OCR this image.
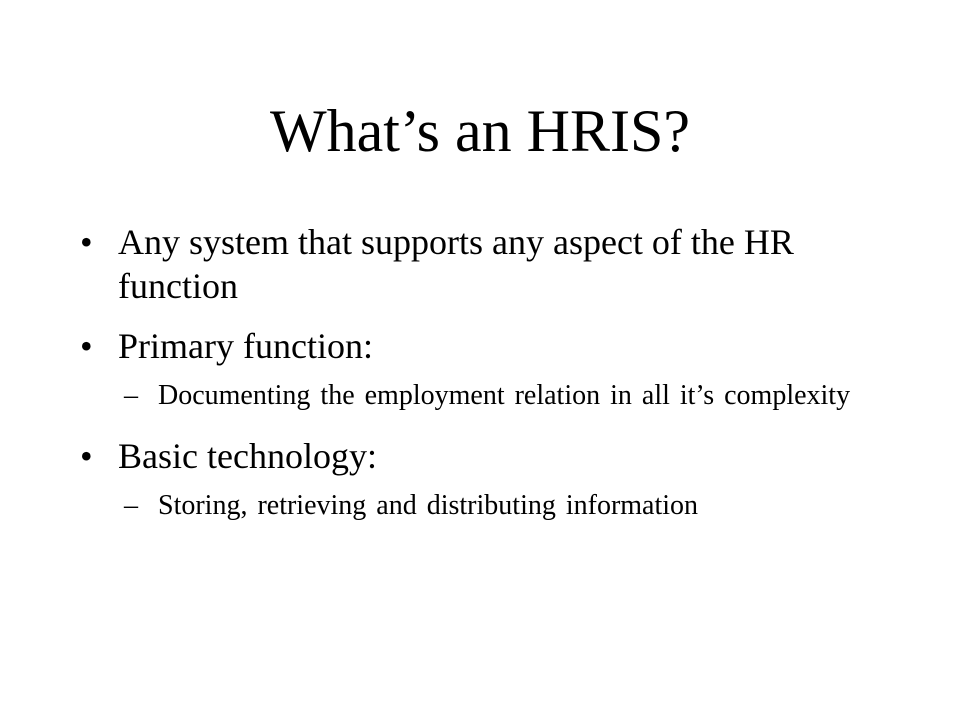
What’s an HRIS?
• Any system that supports any aspect of the HR function
• Primary function:
– Documenting the employment relation in all it’s complexity
• Basic technology:
– Storing, retrieving and distributing information
